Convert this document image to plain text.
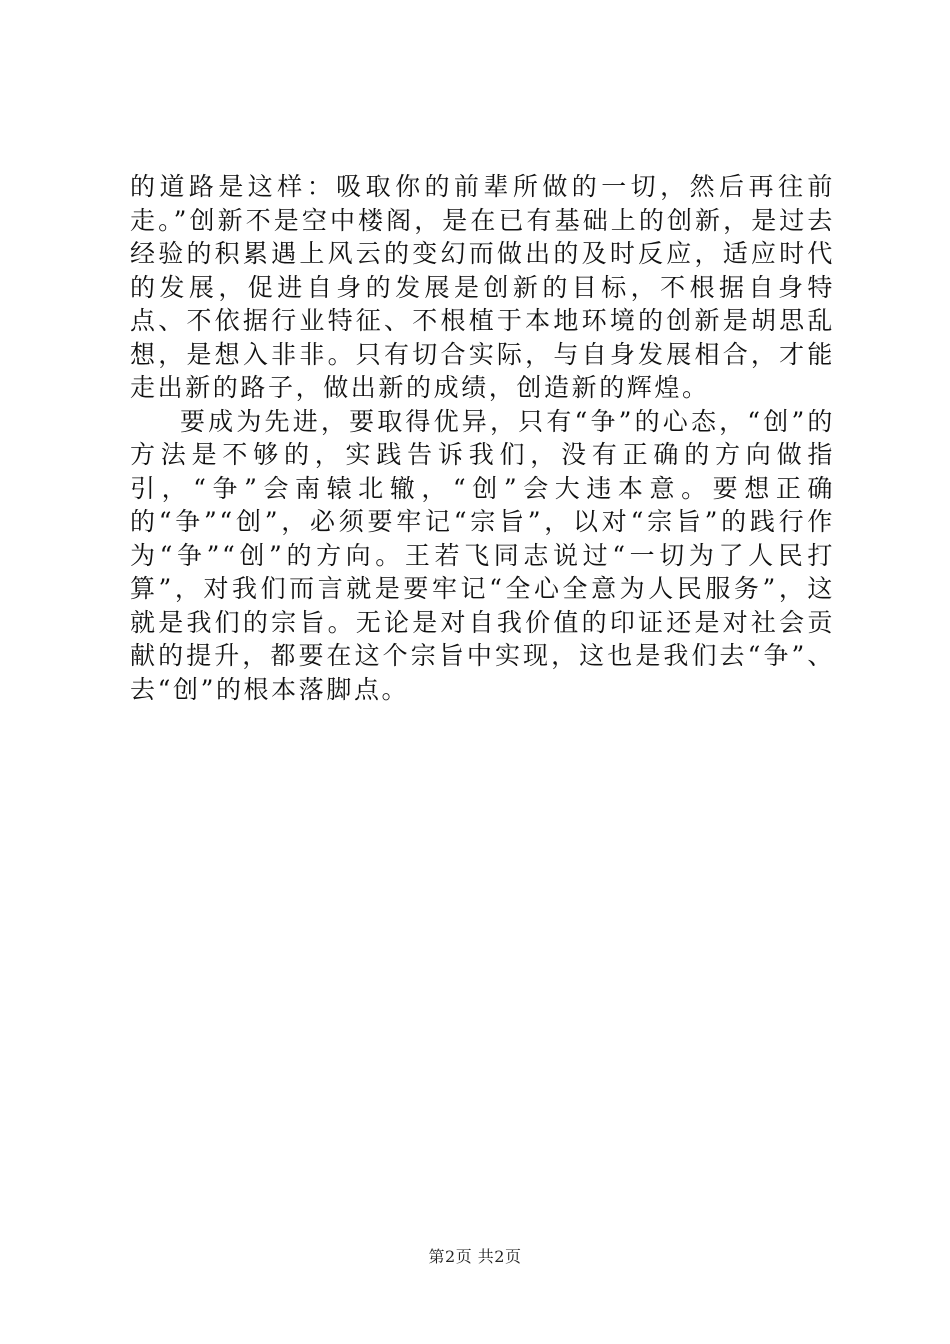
的道路是这样：吸取你的前辈所做的一切，然后再往前走。”创新不是空中楼阁，是在已有基础上的创新，是过去经验的积累遇上风云的变幻而做出的及时反应，适应时代的发展，促进自身的发展是创新的目标，不根据自身特点、不依据行业特征、不根植于本地环境的创新是胡思乱想，是想入非非。只有切合实际，与自身发展相合，才能走出新的路子，做出新的成绩，创造新的辉煌。

要成为先进，要取得优异，只有“争”的心态，“创”的方法是不够的，实践告诉我们，没有正确的方向做指引，“争”会南辕北辙，“创”会大违本意。要想正确的“争”“创”，必须要牢记“宗旨”，以对“宗旨”的践行作为“争”“创”的方向。王若飞同志说过“一切为了人民打算”，对我们而言就是要牢记“全心全意为人民服务”，这就是我们的宗旨。无论是对自我价值的印证还是对社会贡献的提升，都要在这个宗旨中实现，这也是我们去“争”、去“创”的根本落脚点。

第2页 共2页
